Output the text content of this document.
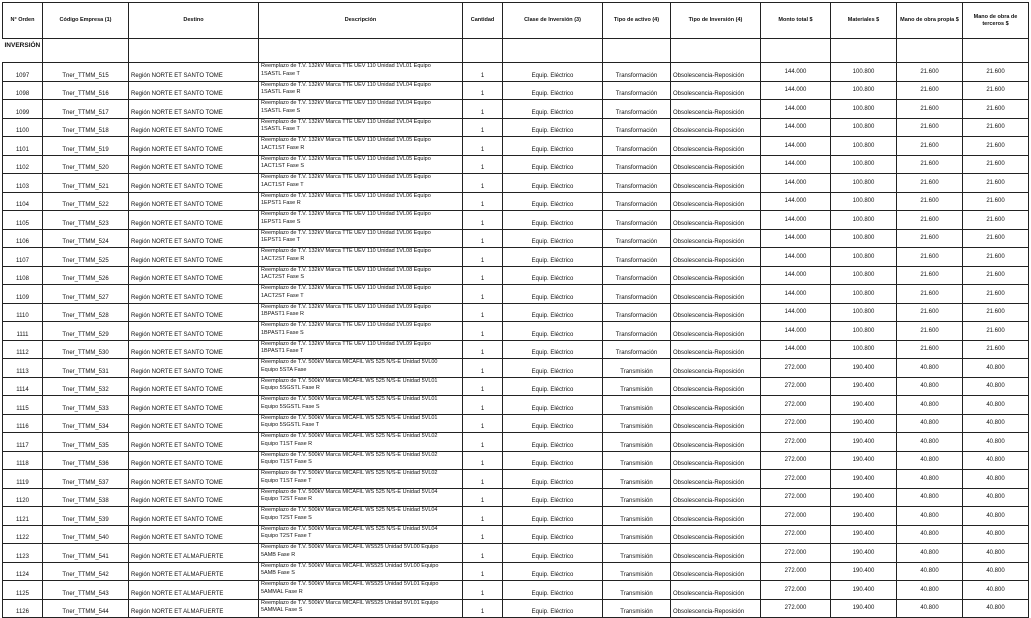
INVERSIÓN											
N° Orden	Código Empresa (1)	Destino	Descripción	Cantidad	Clase de Inversión (3)	Tipo de activo (4)	Tipo de Inversión (4)	Monto total $	Materiales $	Mano de obra propia $	Mano de obra de terceros $
1097	Tner_TTMM_515	Región NORTE ET SANTO TOME	Reemplazo de T.V. 132kV Marca TTE UEV 110 Unidad 1VL01 Equipo
1SASTL Fase T	1	Equip. Eléctrico	Transformación	Obsolescencia-Reposición	144.000	100.800	21.600	21.600
1098	Tner_TTMM_516	Región NORTE ET SANTO TOME	Reemplazo de T.V. 132kV Marca TTE UEV 110 Unidad 1VL04 Equipo
1SASTL Fase R	1	Equip. Eléctrico	Transformación	Obsolescencia-Reposición	144.000	100.800	21.600	21.600
1099	Tner_TTMM_517	Región NORTE ET SANTO TOME	Reemplazo de T.V. 132kV Marca TTE UEV 110 Unidad 1VL04 Equipo
1SASTL Fase S	1	Equip. Eléctrico	Transformación	Obsolescencia-Reposición	144.000	100.800	21.600	21.600
1100	Tner_TTMM_518	Región NORTE ET SANTO TOME	Reemplazo de T.V. 132kV Marca TTE UEV 110 Unidad 1VL04 Equipo
1SASTL Fase T	1	Equip. Eléctrico	Transformación	Obsolescencia-Reposición	144.000	100.800	21.600	21.600
1101	Tner_TTMM_519	Región NORTE ET SANTO TOME	Reemplazo de T.V. 132kV Marca TTE UEV 110 Unidad 1VL05 Equipo
1ACT1ST Fase R	1	Equip. Eléctrico	Transformación	Obsolescencia-Reposición	144.000	100.800	21.600	21.600
1102	Tner_TTMM_520	Región NORTE ET SANTO TOME	Reemplazo de T.V. 132kV Marca TTE UEV 110 Unidad 1VL05 Equipo
1ACT1ST Fase S	1	Equip. Eléctrico	Transformación	Obsolescencia-Reposición	144.000	100.800	21.600	21.600
1103	Tner_TTMM_521	Región NORTE ET SANTO TOME	Reemplazo de T.V. 132kV Marca TTE UEV 110 Unidad 1VL05 Equipo
1ACT1ST Fase T	1	Equip. Eléctrico	Transformación	Obsolescencia-Reposición	144.000	100.800	21.600	21.600
1104	Tner_TTMM_522	Región NORTE ET SANTO TOME	Reemplazo de T.V. 132kV Marca TTE UEV 110 Unidad 1VL06 Equipo
1EPST1 Fase R	1	Equip. Eléctrico	Transformación	Obsolescencia-Reposición	144.000	100.800	21.600	21.600
1105	Tner_TTMM_523	Región NORTE ET SANTO TOME	Reemplazo de T.V. 132kV Marca TTE UEV 110 Unidad 1VL06 Equipo
1EPST1 Fase S	1	Equip. Eléctrico	Transformación	Obsolescencia-Reposición	144.000	100.800	21.600	21.600
1106	Tner_TTMM_524	Región NORTE ET SANTO TOME	Reemplazo de T.V. 132kV Marca TTE UEV 110 Unidad 1VL06 Equipo
1EPST1 Fase T	1	Equip. Eléctrico	Transformación	Obsolescencia-Reposición	144.000	100.800	21.600	21.600
1107	Tner_TTMM_525	Región NORTE ET SANTO TOME	Reemplazo de T.V. 132kV Marca TTE UEV 110 Unidad 1VL08 Equipo
1ACT2ST Fase R	1	Equip. Eléctrico	Transformación	Obsolescencia-Reposición	144.000	100.800	21.600	21.600
1108	Tner_TTMM_526	Región NORTE ET SANTO TOME	Reemplazo de T.V. 132kV Marca TTE UEV 110 Unidad 1VL08 Equipo
1ACT2ST Fase S	1	Equip. Eléctrico	Transformación	Obsolescencia-Reposición	144.000	100.800	21.600	21.600
1109	Tner_TTMM_527	Región NORTE ET SANTO TOME	Reemplazo de T.V. 132kV Marca TTE UEV 110 Unidad 1VL08 Equipo
1ACT2ST Fase T	1	Equip. Eléctrico	Transformación	Obsolescencia-Reposición	144.000	100.800	21.600	21.600
1110	Tner_TTMM_528	Región NORTE ET SANTO TOME	Reemplazo de T.V. 132kV Marca TTE UEV 110 Unidad 1VL09 Equipo
1BPAST1 Fase R	1	Equip. Eléctrico	Transformación	Obsolescencia-Reposición	144.000	100.800	21.600	21.600
1111	Tner_TTMM_529	Región NORTE ET SANTO TOME	Reemplazo de T.V. 132kV Marca TTE UEV 110 Unidad 1VL09 Equipo
1BPAST1 Fase S	1	Equip. Eléctrico	Transformación	Obsolescencia-Reposición	144.000	100.800	21.600	21.600
1112	Tner_TTMM_530	Región NORTE ET SANTO TOME	Reemplazo de T.V. 132kV Marca TTE UEV 110 Unidad 1VL09 Equipo
1BPAST1 Fase T	1	Equip. Eléctrico	Transformación	Obsolescencia-Reposición	144.000	100.800	21.600	21.600
1113	Tner_TTMM_531	Región NORTE ET SANTO TOME	Reemplazo de T.V. 500kV Marca MICAFIL WS 525 N/S-E Unidad 5VL00
Equipo 5STA Fase	1	Equip. Eléctrico	Transmisión	Obsolescencia-Reposición	272.000	190.400	40.800	40.800
1114	Tner_TTMM_532	Región NORTE ET SANTO TOME	Reemplazo de T.V. 500kV Marca MICAFIL WS 525 N/S-E Unidad 5VL01
Equipo 5SGSTL Fase R	1	Equip. Eléctrico	Transmisión	Obsolescencia-Reposición	272.000	190.400	40.800	40.800
1115	Tner_TTMM_533	Región NORTE ET SANTO TOME	Reemplazo de T.V. 500kV Marca MICAFIL WS 525 N/S-E Unidad 5VL01
Equipo 5SGSTL Fase S	1	Equip. Eléctrico	Transmisión	Obsolescencia-Reposición	272.000	190.400	40.800	40.800
1116	Tner_TTMM_534	Región NORTE ET SANTO TOME	Reemplazo de T.V. 500kV Marca MICAFIL WS 525 N/S-E Unidad 5VL01
Equipo 5SGSTL Fase T	1	Equip. Eléctrico	Transmisión	Obsolescencia-Reposición	272.000	190.400	40.800	40.800
1117	Tner_TTMM_535	Región NORTE ET SANTO TOME	Reemplazo de T.V. 500kV Marca MICAFIL WS 525 N/S-E Unidad 5VL02
Equipo T1ST Fase R	1	Equip. Eléctrico	Transmisión	Obsolescencia-Reposición	272.000	190.400	40.800	40.800
1118	Tner_TTMM_536	Región NORTE ET SANTO TOME	Reemplazo de T.V. 500kV Marca MICAFIL WS 525 N/S-E Unidad 5VL02
Equipo T1ST Fase S	1	Equip. Eléctrico	Transmisión	Obsolescencia-Reposición	272.000	190.400	40.800	40.800
1119	Tner_TTMM_537	Región NORTE ET SANTO TOME	Reemplazo de T.V. 500kV Marca MICAFIL WS 525 N/S-E Unidad 5VL02
Equipo T1ST Fase T	1	Equip. Eléctrico	Transmisión	Obsolescencia-Reposición	272.000	190.400	40.800	40.800
1120	Tner_TTMM_538	Región NORTE ET SANTO TOME	Reemplazo de T.V. 500kV Marca MICAFIL WS 525 N/S-E Unidad 5VL04
Equipo T2ST Fase R	1	Equip. Eléctrico	Transmisión	Obsolescencia-Reposición	272.000	190.400	40.800	40.800
1121	Tner_TTMM_539	Región NORTE ET SANTO TOME	Reemplazo de T.V. 500kV Marca MICAFIL WS 525 N/S-E Unidad 5VL04
Equipo T2ST Fase S	1	Equip. Eléctrico	Transmisión	Obsolescencia-Reposición	272.000	190.400	40.800	40.800
1122	Tner_TTMM_540	Región NORTE ET SANTO TOME	Reemplazo de T.V. 500kV Marca MICAFIL WS 525 N/S-E Unidad 5VL04
Equipo T2ST Fase T	1	Equip. Eléctrico	Transmisión	Obsolescencia-Reposición	272.000	190.400	40.800	40.800
1123	Tner_TTMM_541	Región NORTE ET ALMAFUERTE	Reemplazo de T.V. 500kV Marca MICAFIL WS525 Unidad 5VL00 Equipo
5AMB Fase R	1	Equip. Eléctrico	Transmisión	Obsolescencia-Reposición	272.000	190.400	40.800	40.800
1124	Tner_TTMM_542	Región NORTE ET ALMAFUERTE	Reemplazo de T.V. 500kV Marca MICAFIL WS525 Unidad 5VL00 Equipo
5AMB Fase S	1	Equip. Eléctrico	Transmisión	Obsolescencia-Reposición	272.000	190.400	40.800	40.800
1125	Tner_TTMM_543	Región NORTE ET ALMAFUERTE	Reemplazo de T.V. 500kV Marca MICAFIL WS525 Unidad 5VL01 Equipo
5AMMAL Fase R	1	Equip. Eléctrico	Transmisión	Obsolescencia-Reposición	272.000	190.400	40.800	40.800
1126	Tner_TTMM_544	Región NORTE ET ALMAFUERTE	Reemplazo de T.V. 500kV Marca MICAFIL WS525 Unidad 5VL01 Equipo
5AMMAL Fase S	1	Equip. Eléctrico	Transmisión	Obsolescencia-Reposición	272.000	190.400	40.800	40.800
